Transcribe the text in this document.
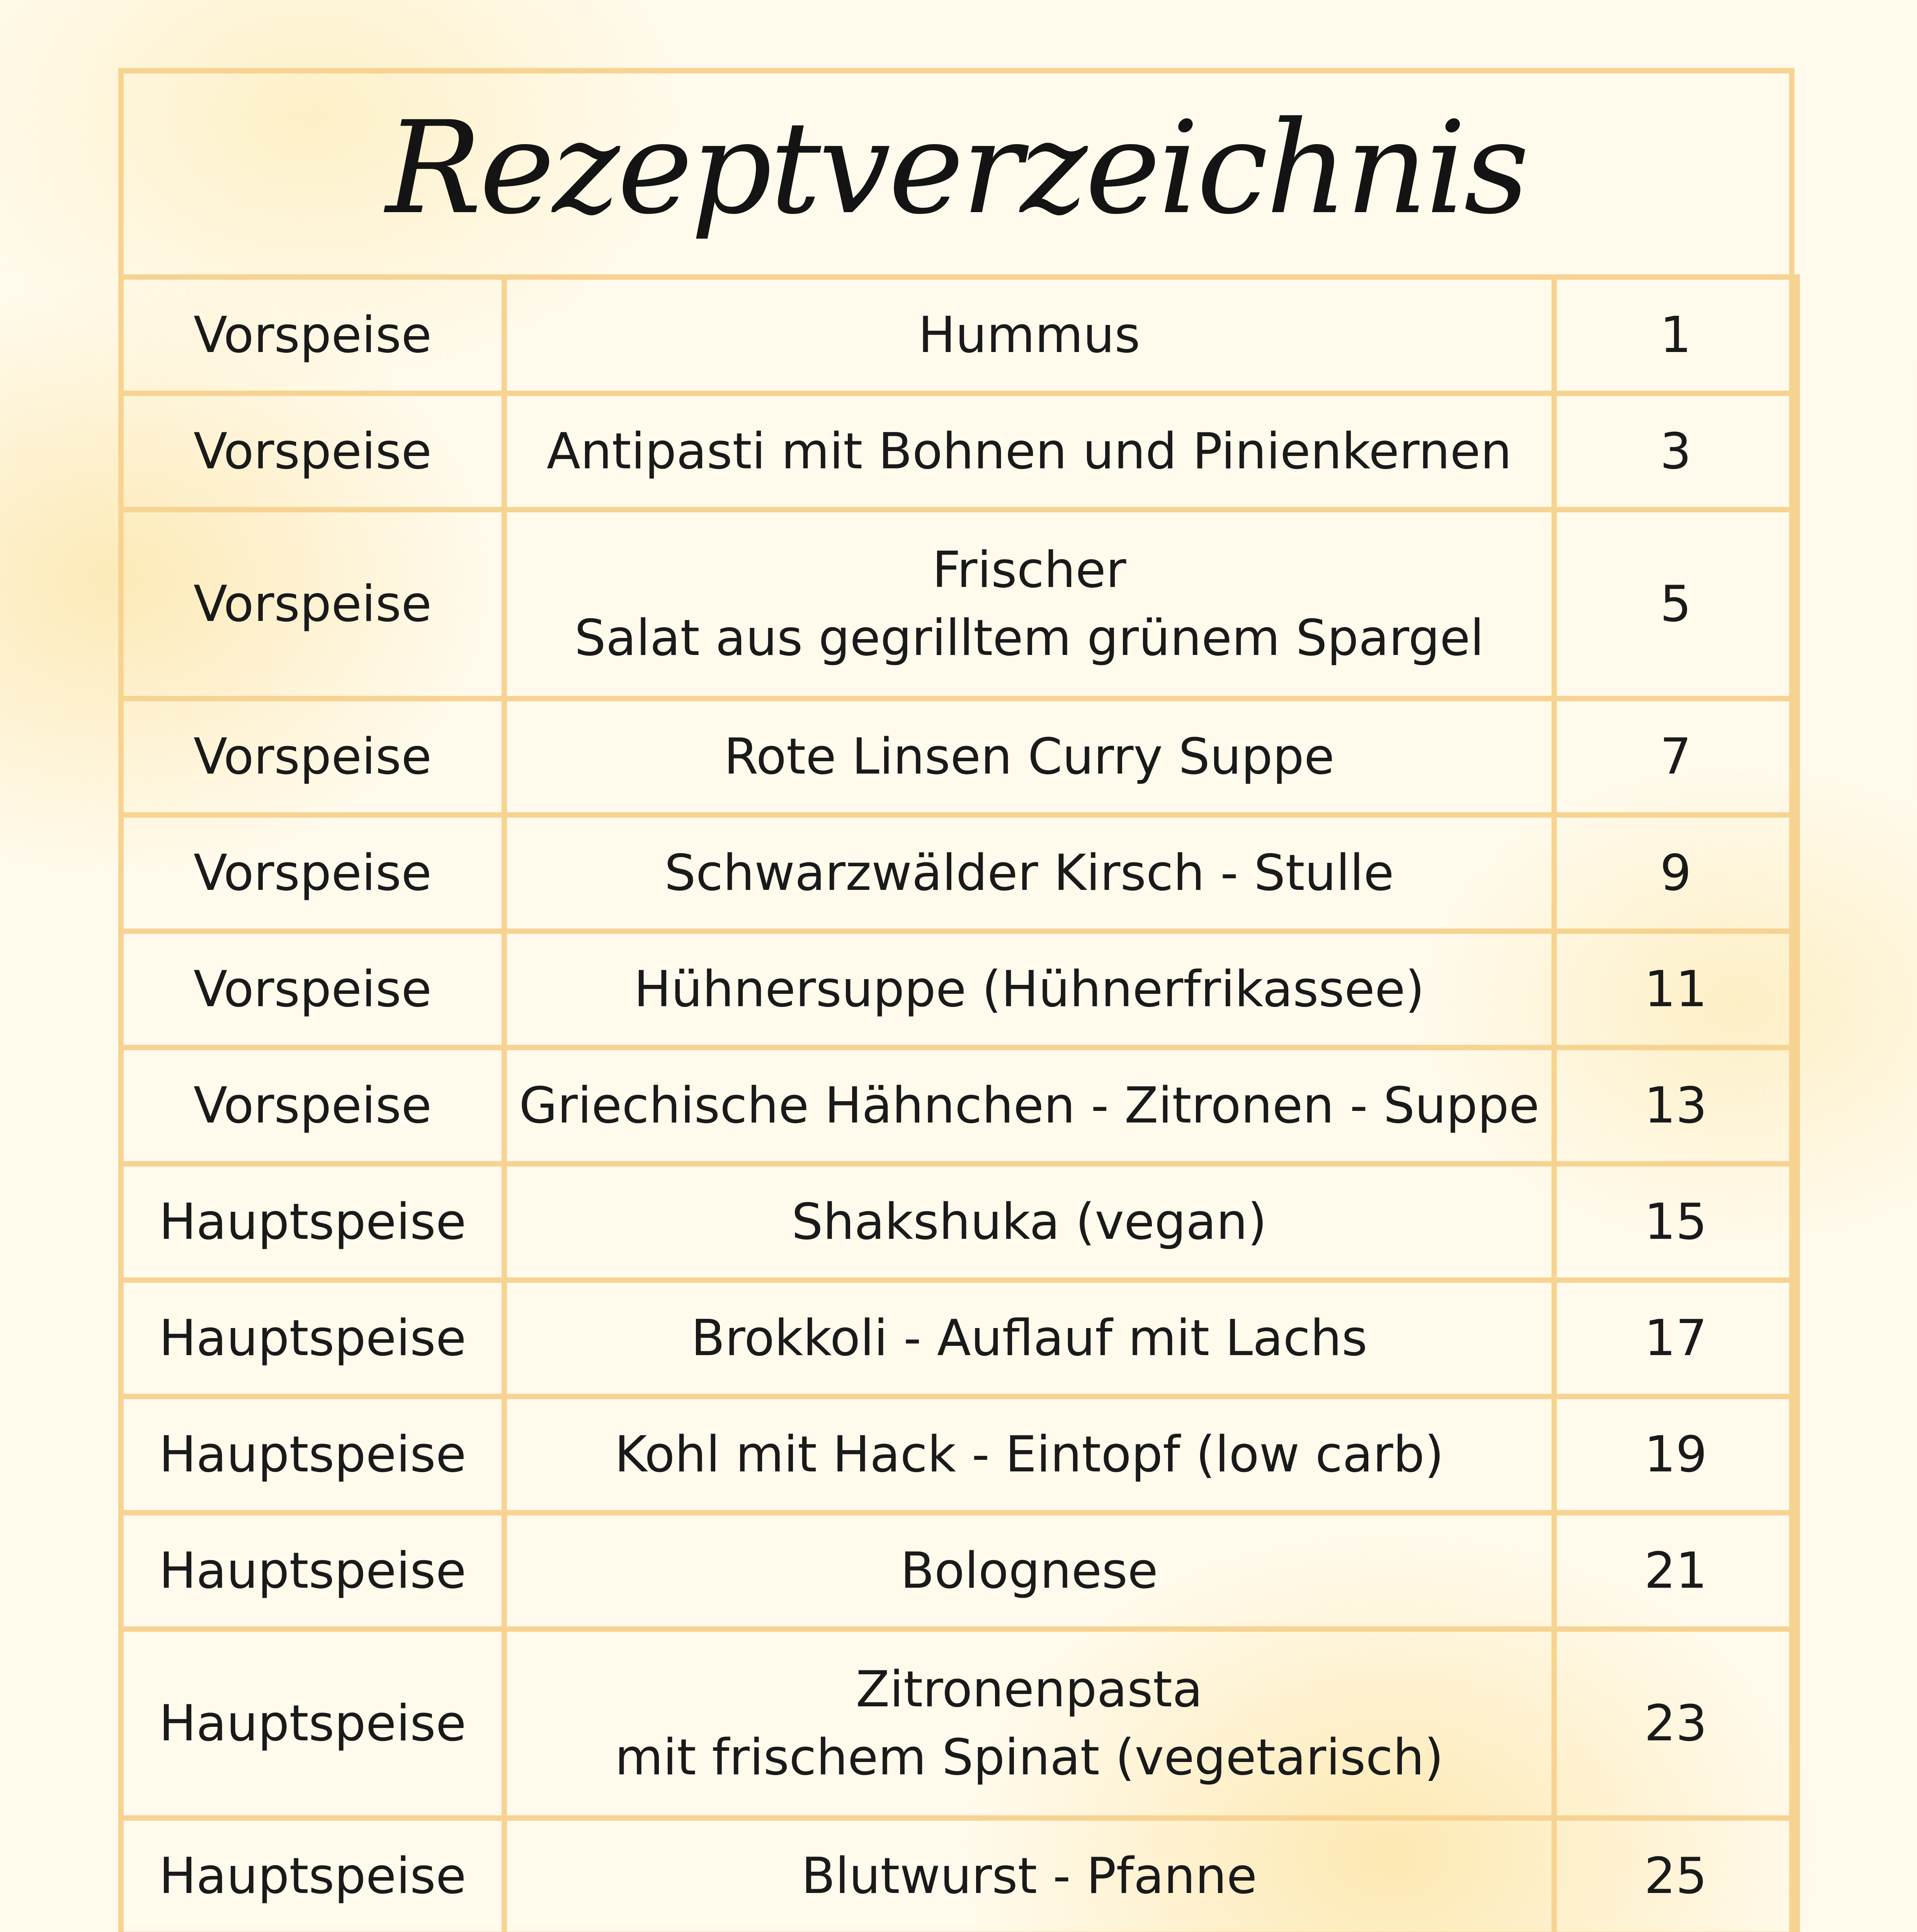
Rezeptverzeichnis
Vorspeise	Hummus	1
Vorspeise	Antipasti mit Bohnen und Pinienkernen	3
Vorspeise	Frischer
Salat aus gegrilltem grünem Spargel	5
Vorspeise	Rote Linsen Curry Suppe	7
Vorspeise	Schwarzwälder Kirsch - Stulle	9
Vorspeise	Hühnersuppe (Hühnerfrikassee)	11
Vorspeise	Griechische Hähnchen - Zitronen - Suppe	13
Hauptspeise	Shakshuka (vegan)	15
Hauptspeise	Brokkoli - Auflauf mit Lachs	17
Hauptspeise	Kohl mit Hack - Eintopf (low carb)	19
Hauptspeise	Bolognese	21
Hauptspeise	Zitronenpasta
mit frischem Spinat (vegetarisch)	23
Hauptspeise	Blutwurst - Pfanne	25
